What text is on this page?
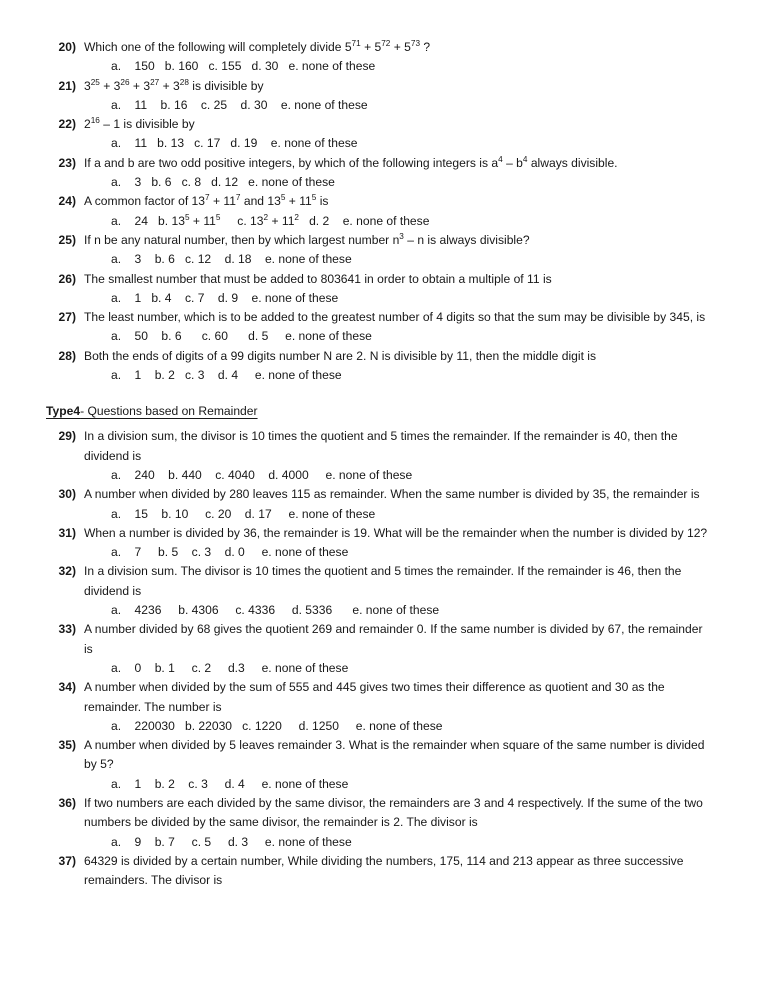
20) Which one of the following will completely divide $5^{71} + 5^{72} + 5^{73}$ ?
a.    150   b. 160   c. 155   d. 30   e. none of these
21) $3^{25} + 3^{26} + 3^{27} + 3^{28}$ is divisible by
a.    11    b. 16    c. 25    d. 30    e. none of these
22) $2^{16} - 1$ is divisible by
a.    11   b. 13   c. 17   d. 19    e. none of these
23) If a and b are two odd positive integers, by which of the following integers is $a^4 - b^4$ always divisible.
a.    3   b. 6   c. 8   d. 12   e. none of these
24) A common factor of $13^7 + 11^7$ and $13^5 + 11^5$ is
a.    24   b. $13^5 + 11^5$     c. $13^2 + 11^2$   d. 2    e. none of these
25) If n be any natural number, then by which largest number $n^3$ – n is always divisible?
a.    3    b. 6   c. 12    d. 18    e. none of these
26) The smallest number that must be added to 803641 in order to obtain a multiple of 11 is
a.    1   b. 4    c. 7    d. 9    e. none of these
27) The least number, which is to be added to the greatest number of 4 digits so that the sum may be divisible by 345, is
a.    50    b. 6      c. 60      d. 5     e. none of these
28) Both the ends of digits of a 99 digits number N are 2. N is divisible by 11, then the middle digit is
a.    1    b. 2   c. 3    d. 4     e. none of these
Type4- Questions based on Remainder
29) In a division sum, the divisor is 10 times the quotient and 5 times the remainder. If the remainder is 40, then the dividend is
a.    240    b. 440    c. 4040    d. 4000     e. none of these
30) A number when divided by 280 leaves 115 as remainder. When the same number is divided by 35, the remainder is
a.    15    b. 10     c. 20    d. 17     e. none of these
31) When a number is divided by 36, the remainder is 19. What will be the remainder when the number is divided by 12?
a.    7     b. 5    c. 3    d. 0     e. none of these
32) In a division sum. The divisor is 10 times the quotient and 5 times the remainder. If the remainder is 46, then the dividend is
a.    4236     b. 4306     c. 4336     d. 5336      e. none of these
33) A number divided by 68 gives the quotient 269 and remainder 0. If the same number is divided by 67, the remainder is
a.    0    b. 1     c. 2     d.3     e. none of these
34) A number when divided by the sum of 555 and 445 gives two times their difference as quotient and 30 as the remainder. The number is
a.    220030   b. 22030   c. 1220     d. 1250     e. none of these
35) A number when divided by 5 leaves remainder 3. What is the remainder when square of the same number is divided by 5?
a.    1    b. 2    c. 3     d. 4     e. none of these
36) If two numbers are each divided by the same divisor, the remainders are 3 and 4 respectively. If the sume of the two numbers be divided by the same divisor, the remainder is 2. The divisor is
a.    9    b. 7     c. 5     d. 3     e. none of these
37) 64329 is divided by a certain number, While dividing the numbers, 175, 114 and 213 appear as three successive remainders. The divisor is
